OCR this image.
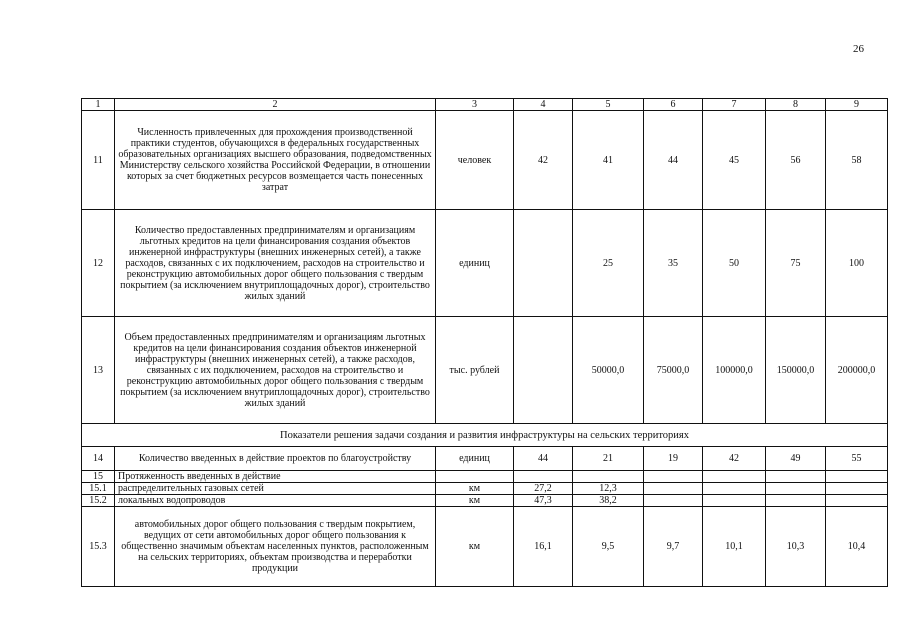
26
1	2	3	4	5	6	7	8	9
11	Численность привлеченных для прохождения производственной практики студентов, обучающихся в федеральных государственных образовательных организациях высшего образования, подведомственных Министерству сельского хозяйства Российской Федерации, в отношении которых за счет бюджетных ресурсов возмещается часть понесенных затрат	человек	42	41	44	45	56	58
12	Количество предоставленных предпринимателям и организациям льготных кредитов на цели финансирования создания объектов инженерной инфраструктуры (внешних инженерных сетей), а также расходов, связанных с их подключением, расходов на строительство и реконструкцию автомобильных дорог общего пользования с твердым покрытием (за исключением внутриплощадочных дорог), строительство жилых зданий	единиц		25	35	50	75	100
13	Объем предоставленных предпринимателям и организациям льготных кредитов на цели финансирования создания объектов инженерной инфраструктуры (внешних инженерных сетей), а также расходов, связанных с их подключением, расходов на строительство и реконструкцию автомобильных дорог общего пользования с твердым покрытием (за исключением внутриплощадочных дорог), строительство жилых зданий	тыс. рублей		50000,0	75000,0	100000,0	150000,0	200000,0
Показатели решения задачи создания и развития инфраструктуры на сельских территориях								
14	Количество введенных в действие проектов по благоустройству	единиц	44	21	19	42	49	55
15	Протяженность введенных в действие							
15.1	распределительных газовых сетей	км	27,2	12,3				
15.2	локальных водопроводов	км	47,3	38,2				
15.3	автомобильных дорог общего пользования с твердым покрытием, ведущих от сети автомобильных дорог общего пользования к общественно значимым объектам населенных пунктов, расположенным на сельских территориях, объектам производства и переработки продукции	км	16,1	9,5	9,7	10,1	10,3	10,4
